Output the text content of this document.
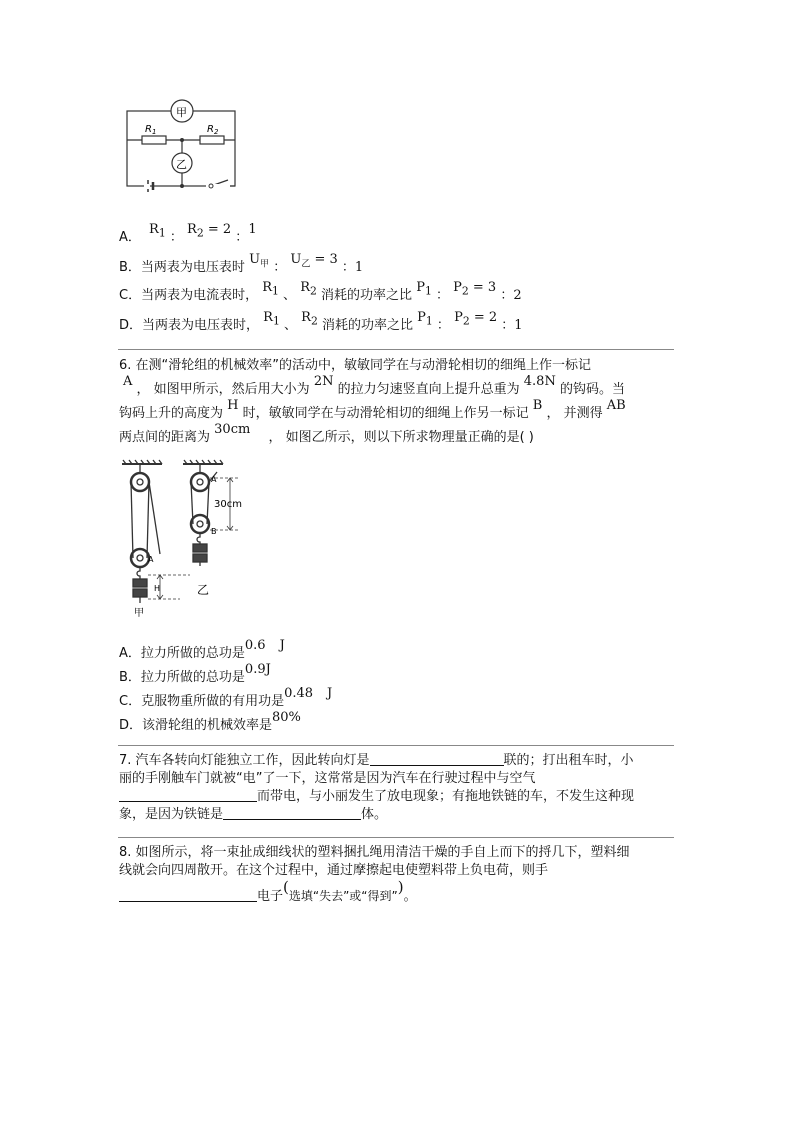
甲
乙
$R_1$	$R_2$
A． $R_1$ ： $R_2 = 2$ ：1
B．当两表为电压表时 $U_甲$ ： $U_乙 = 3$ ：1
C．当两表为电流表时， $R_1$ 、 $R_2$ 消耗的功率之比 $P_1$ ： $P_2 = 3$ ：2
D．当两表为电压表时， $R_1$ 、 $R_2$ 消耗的功率之比 $P_1$ ： $P_2 = 2$ ：1
6. 在测“滑轮组的机械效率”的活动中，敏敏同学在与动滑轮相切的细绳上作一标记
A ， 如图甲所示，然后用大小为 2N 的拉力匀速竖直向上提升总重为 4.8N 的钩码。当
钩码上升的高度为 H 时，敏敏同学在与动滑轮相切的细绳上作另一标记 B ， 并测得 AB
两点间的距离为 30cm ， 如图乙所示，则以下所求物理量正确的是( )
30cm
A
A
B
H
甲
乙
A．拉力所做的总功是0.6 J
B．拉力所做的总功是0.9J
C．克服物重所做的有用功是0.48 J
D．该滑轮组的机械效率是80%
7. 汽车各转向灯能独立工作，因此转向灯是	联的；打出租车时，小
丽的手刚触车门就被“电”了一下，这常常是因为汽车在行驶过程中与空气
而带电，与小丽发生了放电现象；有拖地铁链的车，不发生这种现
象，是因为铁链是	体。
8. 如图所示，将一束扯成细线状的塑料捆扎绳用清洁干燥的手自上而下的捋几下，塑料细
线就会向四周散开。在这个过程中，通过摩擦起电使塑料带上负电荷，则手
电子(选填“失去”或“得到”)。
